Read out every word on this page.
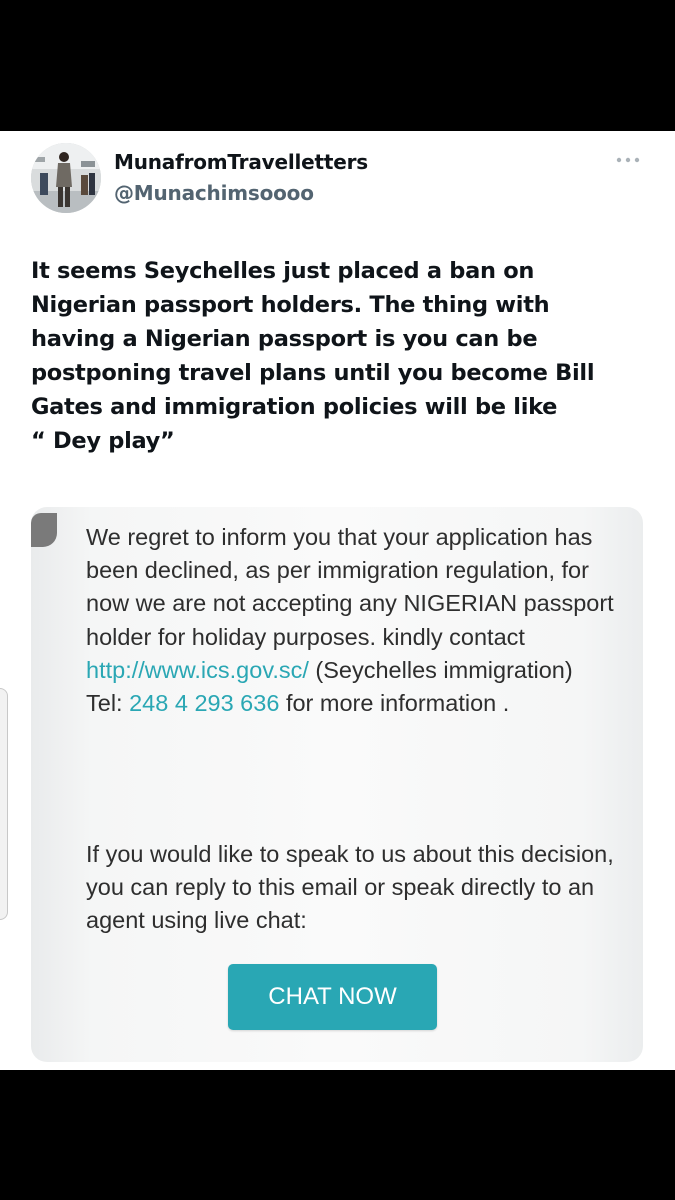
MunafromTravelletters
@Munachimsoooo

It seems Seychelles just placed a ban on
Nigerian passport holders. The thing with
having a Nigerian passport is you can be
postponing travel plans until you become Bill
Gates and immigration policies will be like
“ Dey play”

We regret to inform you that your application has been declined, as per immigration regulation, for now we are not accepting any NIGERIAN passport holder for holiday purposes. kindly contact http://www.ics.gov.sc/ (Seychelles immigration)
Tel: 248 4 293 636 for more information .

If you would like to speak to us about this decision, you can reply to this email or speak directly to an agent using live chat:

CHAT NOW
